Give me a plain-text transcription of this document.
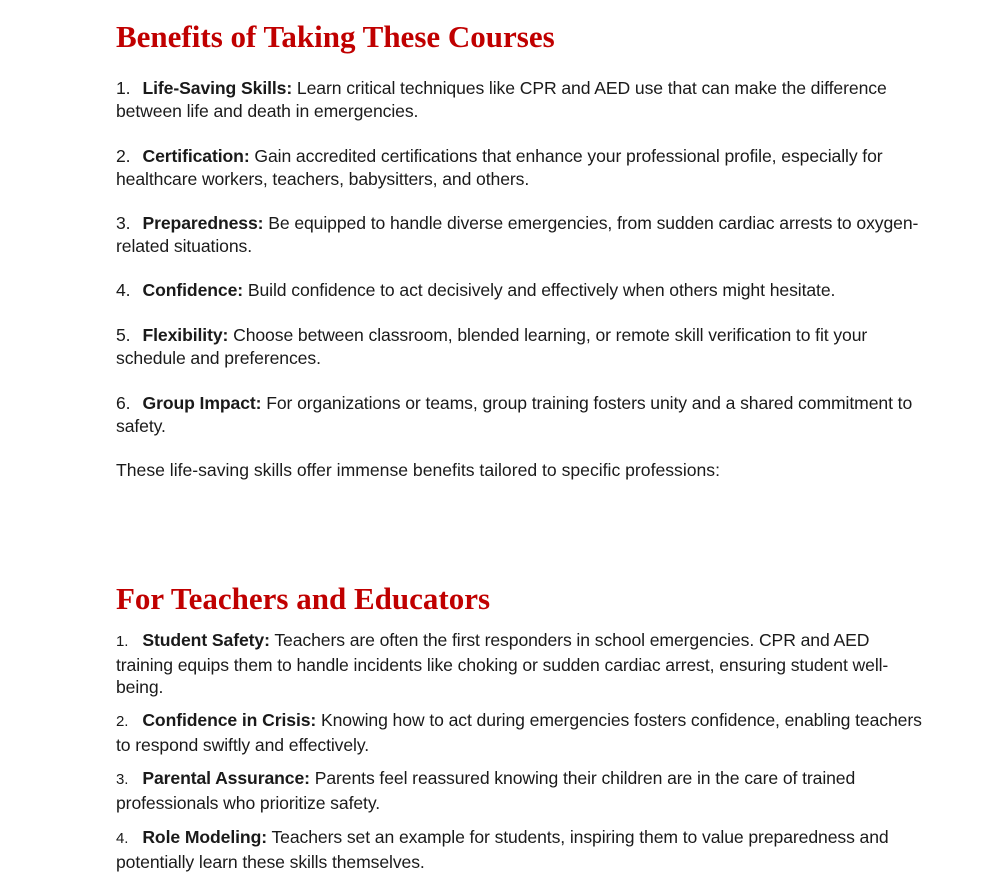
Benefits of Taking These Courses
1. Life-Saving Skills: Learn critical techniques like CPR and AED use that can make the difference between life and death in emergencies.
2. Certification: Gain accredited certifications that enhance your professional profile, especially for healthcare workers, teachers, babysitters, and others.
3. Preparedness: Be equipped to handle diverse emergencies, from sudden cardiac arrests to oxygen-related situations.
4. Confidence: Build confidence to act decisively and effectively when others might hesitate.
5. Flexibility: Choose between classroom, blended learning, or remote skill verification to fit your schedule and preferences.
6. Group Impact: For organizations or teams, group training fosters unity and a shared commitment to safety.
These life-saving skills offer immense benefits tailored to specific professions:
For Teachers and Educators
1. Student Safety: Teachers are often the first responders in school emergencies. CPR and AED training equips them to handle incidents like choking or sudden cardiac arrest, ensuring student well-being.
2. Confidence in Crisis: Knowing how to act during emergencies fosters confidence, enabling teachers to respond swiftly and effectively.
3. Parental Assurance: Parents feel reassured knowing their children are in the care of trained professionals who prioritize safety.
4. Role Modeling: Teachers set an example for students, inspiring them to value preparedness and potentially learn these skills themselves.
